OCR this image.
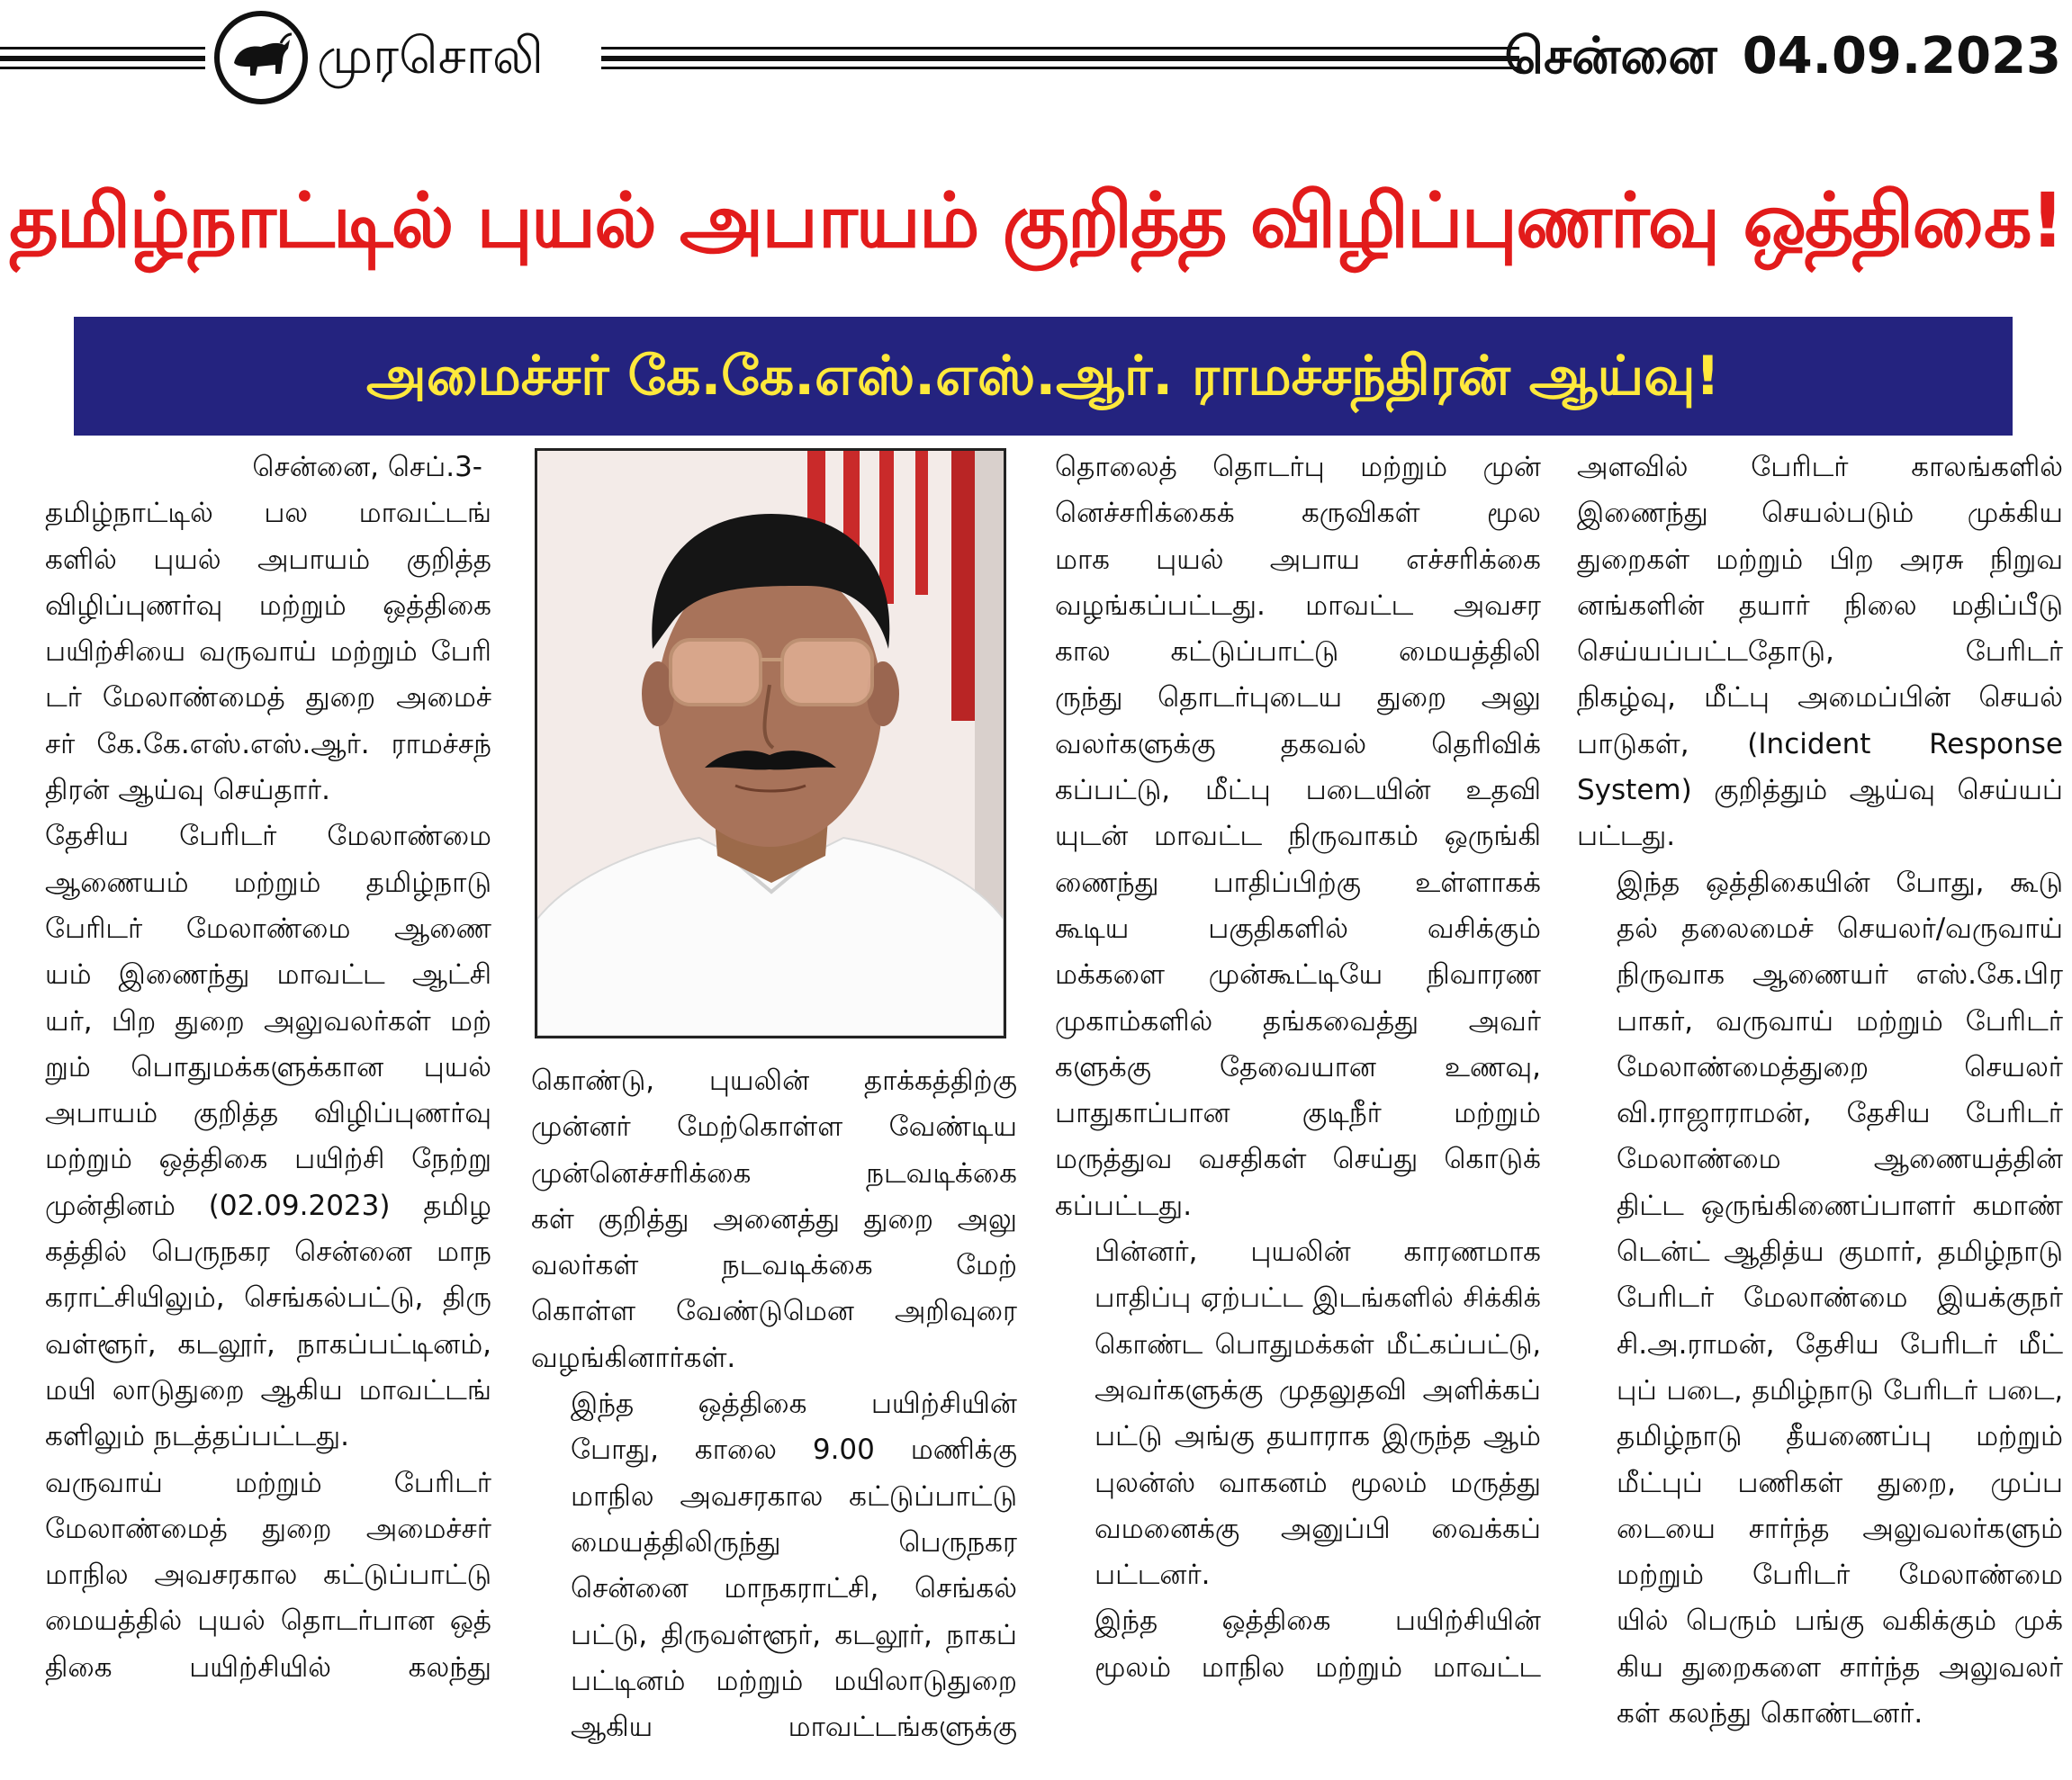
முரசொலி	சென்னை 04.09.2023
தமிழ்நாட்டில் புயல் அபாயம் குறித்த விழிப்புணர்வு ஒத்திகை!
அமைச்சர் கே.கே.எஸ்.எஸ்.ஆர். ராமச்சந்திரன் ஆய்வு!

சென்னை, செப்.3-

தமிழ்நாட்டில் பல மாவட்டங்
களில் புயல் அபாயம் குறித்த
விழிப்புணர்வு மற்றும் ஒத்திகை
பயிற்சியை வருவாய் மற்றும் பேரி
டர் மேலாண்மைத் துறை அமைச்
சர் கே.கே.எஸ்.எஸ்.ஆர். ராமச்சந்
திரன் ஆய்வு செய்தார்.

தேசிய பேரிடர் மேலாண்மை
ஆணையம் மற்றும் தமிழ்நாடு
பேரிடர் மேலாண்மை ஆணை
யம் இணைந்து மாவட்ட ஆட்சி
யர், பிற துறை அலுவலர்கள் மற்
றும் பொதுமக்களுக்கான புயல்
அபாயம் குறித்த விழிப்புணர்வு
மற்றும் ஒத்திகை பயிற்சி நேற்று
முன்தினம் (02.09.2023) தமிழ
கத்தில் பெருநகர சென்னை மாந
கராட்சியிலும், செங்கல்பட்டு, திரு
வள்ளூர், கடலூர், நாகப்பட்டினம்,
மயி லாடுதுறை ஆகிய மாவட்டங்
களிலும் நடத்தப்பட்டது.

வருவாய் மற்றும் பேரிடர்
மேலாண்மைத் துறை அமைச்சர்
மாநில அவசரகால கட்டுப்பாட்டு
மையத்தில் புயல் தொடர்பான ஒத்
திகை பயிற்சியில் கலந்து

கொண்டு, புயலின் தாக்கத்திற்கு
முன்னர் மேற்கொள்ள வேண்டிய
முன்னெச்சரிக்கை நடவடிக்கை
கள் குறித்து அனைத்து துறை அலு
வலர்கள் நடவடிக்கை மேற்
கொள்ள வேண்டுமென அறிவுரை
வழங்கினார்கள்.

இந்த ஒத்திகை பயிற்சியின்
போது, காலை 9.00 மணிக்கு
மாநில அவசரகால கட்டுப்பாட்டு
மையத்திலிருந்து பெருநகர
சென்னை மாநகராட்சி, செங்கல்
பட்டு, திருவள்ளூர், கடலூர், நாகப்
பட்டினம் மற்றும் மயிலாடுதுறை
ஆகிய மாவட்டங்களுக்கு

தொலைத் தொடர்பு மற்றும் முன்
னெச்சரிக்கைக் கருவிகள் மூல
மாக புயல் அபாய எச்சரிக்கை
வழங்கப்பட்டது. மாவட்ட அவசர
கால கட்டுப்பாட்டு மையத்திலி
ருந்து தொடர்புடைய துறை அலு
வலர்களுக்கு தகவல் தெரிவிக்
கப்பட்டு, மீட்பு படையின் உதவி
யுடன் மாவட்ட நிருவாகம் ஒருங்கி
ணைந்து பாதிப்பிற்கு உள்ளாகக்
கூடிய பகுதிகளில் வசிக்கும்
மக்களை முன்கூட்டியே நிவாரண
முகாம்களில் தங்கவைத்து அவர்
களுக்கு தேவையான உணவு,
பாதுகாப்பான குடிநீர் மற்றும்
மருத்துவ வசதிகள் செய்து கொடுக்
கப்பட்டது.

பின்னர், புயலின் காரணமாக
பாதிப்பு ஏற்பட்ட இடங்களில் சிக்கிக்
கொண்ட பொதுமக்கள் மீட்கப்பட்டு,
அவர்களுக்கு முதலுதவி அளிக்கப்
பட்டு அங்கு தயாராக இருந்த ஆம்
புலன்ஸ் வாகனம் மூலம் மருத்து
வமனைக்கு அனுப்பி வைக்கப்
பட்டனர்.

இந்த ஒத்திகை பயிற்சியின்
மூலம் மாநில மற்றும் மாவட்ட

அளவில் பேரிடர் காலங்களில்
இணைந்து செயல்படும் முக்கிய
துறைகள் மற்றும் பிற அரசு நிறுவ
னங்களின் தயார் நிலை மதிப்பீடு
செய்யப்பட்டதோடு, பேரிடர்
நிகழ்வு, மீட்பு அமைப்பின் செயல்
பாடுகள், (Incident Response
System) குறித்தும் ஆய்வு செய்யப்
பட்டது.

இந்த ஒத்திகையின் போது, கூடு
தல் தலைமைச் செயலர்/வருவாய்
நிருவாக ஆணையர் எஸ்.கே.பிர
பாகர், வருவாய் மற்றும் பேரிடர்
மேலாண்மைத்துறை செயலர்
வி.ராஜாராமன், தேசிய பேரிடர்
மேலாண்மை ஆணையத்தின்
திட்ட ஒருங்கிணைப்பாளர் கமாண்
டென்ட் ஆதித்ய குமார், தமிழ்நாடு
பேரிடர் மேலாண்மை இயக்குநர்
சி.அ.ராமன், தேசிய பேரிடர் மீட்
புப் படை, தமிழ்நாடு பேரிடர் படை,
தமிழ்நாடு தீயணைப்பு மற்றும்
மீட்புப் பணிகள் துறை, முப்ப
டையை சார்ந்த அலுவலர்களும்
மற்றும் பேரிடர் மேலாண்மை
யில் பெரும் பங்கு வகிக்கும் முக்
கிய துறைகளை சார்ந்த அலுவலர்
கள் கலந்து கொண்டனர்.
